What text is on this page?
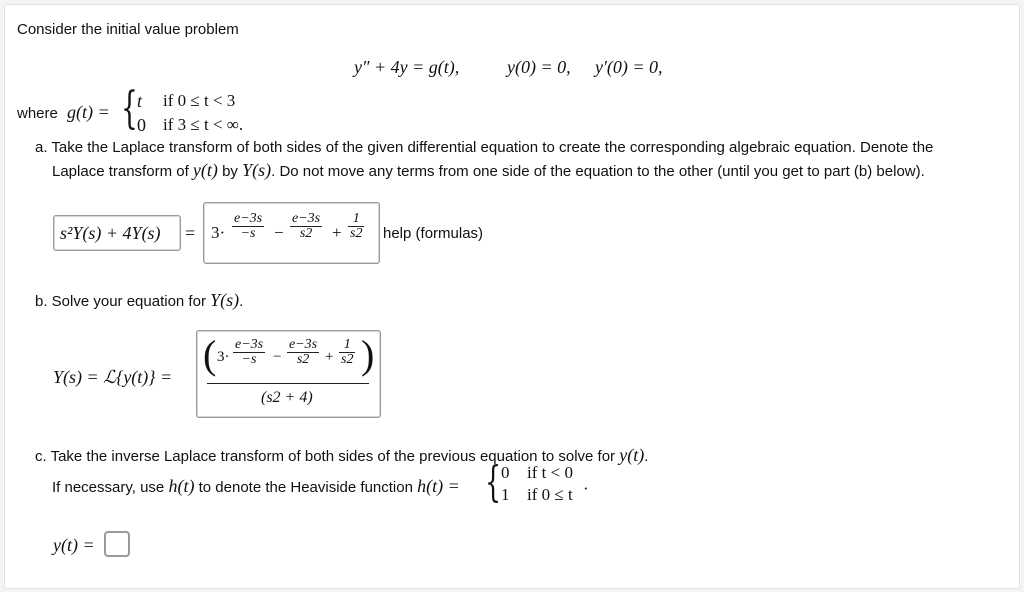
Consider the initial value problem
y″ + 4y = g(t),	y(0) = 0, y′(0) = 0,
where g(t) = { t if 0 ≤ t < 3
0 if 3 ≤ t < ∞.
a. Take the Laplace transform of both sides of the given differential equation to create the corresponding algebraic equation. Denote the
Laplace transform of y(t) by Y(s). Do not move any terms from one side of the equation to the other (until you get to part (b) below).
$s^2Y(s) + 4Y(s) = 3\cdot \frac{e-3s}{-s} - \frac{e-3s}{s2} + \frac{1}{s2}$ help (formulas)
b. Solve your equation for Y(s).
Y(s) = ℒ{y(t)} = ( $3\cdot \frac{e-3s}{-s} - \frac{e-3s}{s2} + \frac{1}{s2}$ )
(s2 + 4)
c. Take the inverse Laplace transform of both sides of the previous equation to solve for y(t).
If necessary, use h(t) to denote the Heaviside function h(t) = { 0 if t < 0
1 if 0 ≤ t ·
y(t) =
